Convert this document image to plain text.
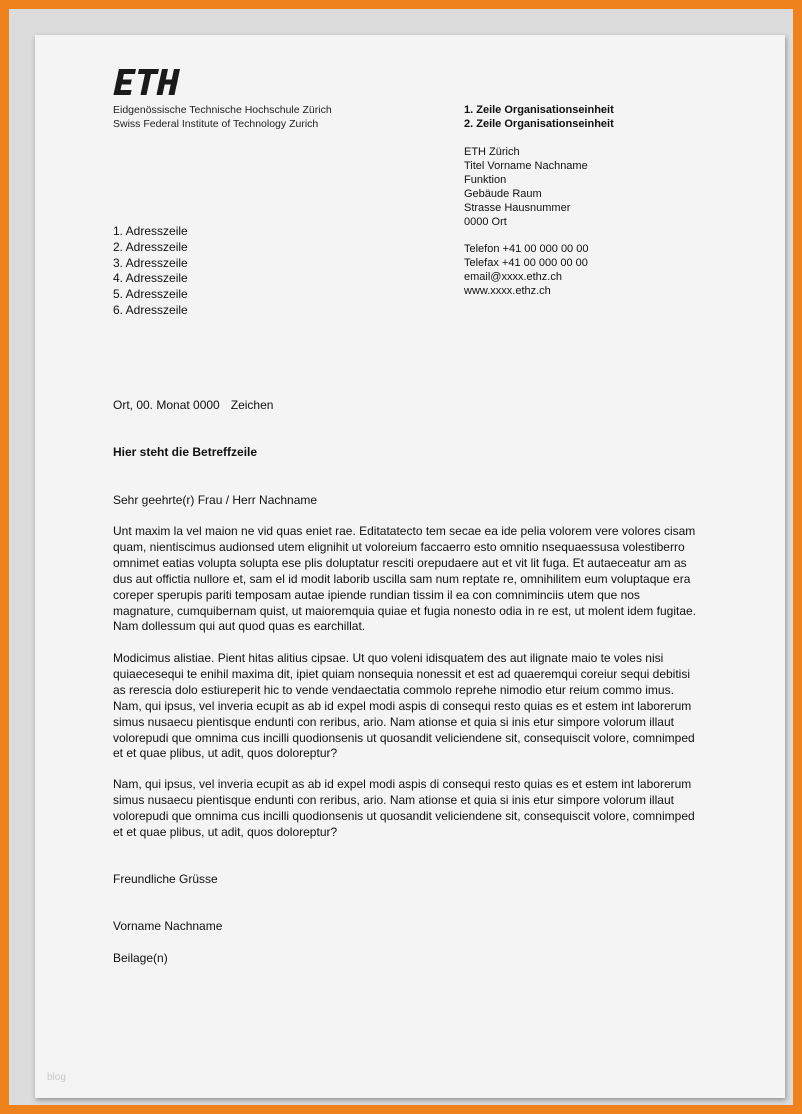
Eidgenössische Technische Hochschule Zürich
Swiss Federal Institute of Technology Zurich
1. Zeile Organisationseinheit
2. Zeile Organisationseinheit
ETH Zürich
Titel Vorname Nachname
Funktion
Gebäude Raum
Strasse Hausnummer
0000 Ort
Telefon +41 00 000 00 00
Telefax +41 00 000 00 00
email@xxxx.ethz.ch
www.xxxx.ethz.ch
1. Adresszeile
2. Adresszeile
3. Adresszeile
4. Adresszeile
5. Adresszeile
6. Adresszeile
Ort, 00. Monat 0000 Zeichen
Hier steht die Betreffzeile
Sehr geehrte(r) Frau / Herr Nachname
Unt maxim la vel maion ne vid quas eniet rae. Editatatecto tem secae ea ide pelia volorem vere volores cisam
quam, nientiscimus audionsed utem elignihit ut voloreium faccaerro esto omnitio nsequaessusa volestiberro
omnimet eatias volupta solupta ese plis doluptatur resciti orepudaere aut et vit lit fuga. Et autaeceatur am as
dus aut offictia nullore et, sam el id modit laborib uscilla sam num reptate re, omnihilitem eum voluptaque era
coreper sperupis pariti temposam autae ipiende rundian tissim il ea con comniminciis utem que nos
magnature, cumquibernam quist, ut maioremquia quiae et fugia nonesto odia in re est, ut molent idem fugitae.
Nam dollessum qui aut quod quas es earchillat.
Modicimus alistiae. Pient hitas alitius cipsae. Ut quo voleni idisquatem des aut ilignate maio te voles nisi
quiaecesequi te enihil maxima dit, ipiet quiam nonsequia nonessit et est ad quaeremqui coreiur sequi debitisi
as rerescia dolo estiureperit hic to vende vendaectatia commolo reprehe nimodio etur reium commo imus.
Nam, qui ipsus, vel inveria ecupit as ab id expel modi aspis di consequi resto quias es et estem int laborerum
simus nusaecu pientisque endunti con reribus, ario. Nam ationse et quia si inis etur simpore volorum illaut
volorepudi que omnima cus incilli quodionsenis ut quosandit veliciendene sit, consequiscit volore, comnimped
et et quae plibus, ut adit, quos doloreptur?
Nam, qui ipsus, vel inveria ecupit as ab id expel modi aspis di consequi resto quias es et estem int laborerum
simus nusaecu pientisque endunti con reribus, ario. Nam ationse et quia si inis etur simpore volorum illaut
volorepudi que omnima cus incilli quodionsenis ut quosandit veliciendene sit, consequiscit volore, comnimped
et et quae plibus, ut adit, quos doloreptur?
Freundliche Grüsse
Vorname Nachname
Beilage(n)
blog
